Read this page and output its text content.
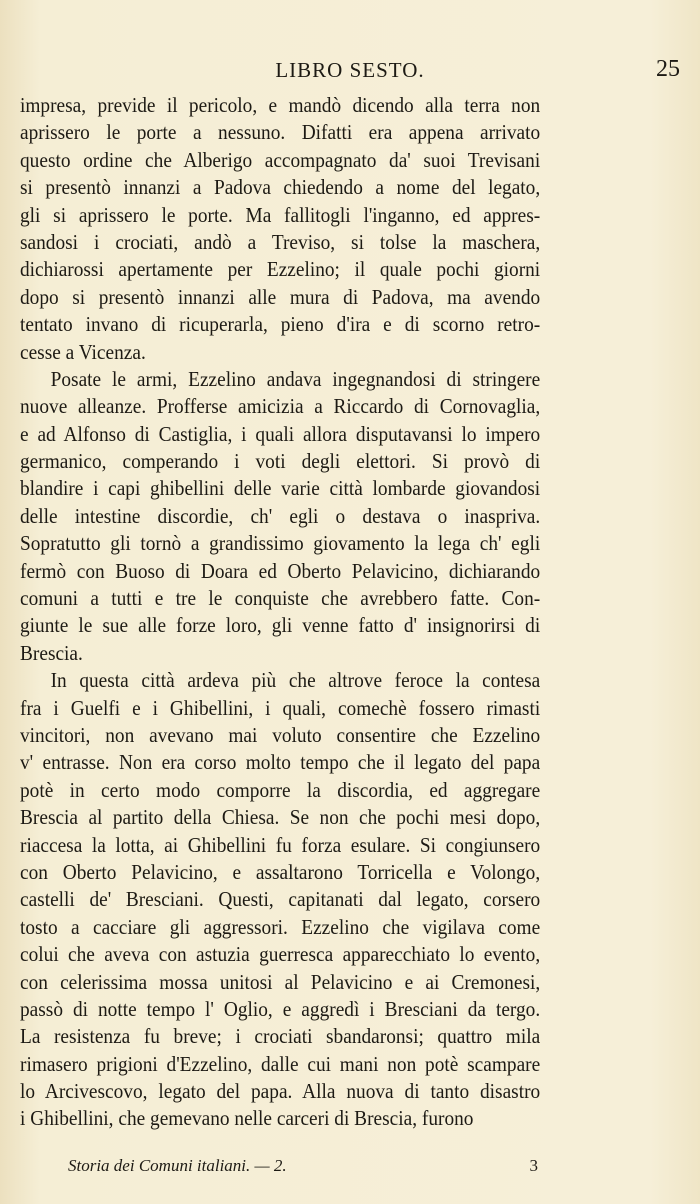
LIBRO SESTO.	25
impresa, previde il pericolo, e mandò dicendo alla terra non
aprissero le porte a nessuno. Difatti era appena arrivato
questo ordine che Alberigo accompagnato da' suoi Trevisani
si presentò innanzi a Padova chiedendo a nome del legato,
gli si aprissero le porte. Ma fallitogli l'inganno, ed appres-
sandosi i crociati, andò a Treviso, si tolse la maschera,
dichiarossi apertamente per Ezzelino; il quale pochi giorni
dopo si presentò innanzi alle mura di Padova, ma avendo
tentato invano di ricuperarla, pieno d'ira e di scorno retro-
cesse a Vicenza.
Posate le armi, Ezzelino andava ingegnandosi di stringere
nuove alleanze. Profferse amicizia a Riccardo di Cornovaglia,
e ad Alfonso di Castiglia, i quali allora disputavansi lo impero
germanico, comperando i voti degli elettori. Si provò di
blandire i capi ghibellini delle varie città lombarde giovandosi
delle intestine discordie, ch' egli o destava o inaspriva.
Sopratutto gli tornò a grandissimo giovamento la lega ch' egli
fermò con Buoso di Doara ed Oberto Pelavicino, dichiarando
comuni a tutti e tre le conquiste che avrebbero fatte. Con-
giunte le sue alle forze loro, gli venne fatto d' insignorirsi di
Brescia.
In questa città ardeva più che altrove feroce la contesa
fra i Guelfi e i Ghibellini, i quali, comechè fossero rimasti
vincitori, non avevano mai voluto consentire che Ezzelino
v' entrasse. Non era corso molto tempo che il legato del papa
potè in certo modo comporre la discordia, ed aggregare
Brescia al partito della Chiesa. Se non che pochi mesi dopo,
riaccesa la lotta, ai Ghibellini fu forza esulare. Si congiunsero
con Oberto Pelavicino, e assaltarono Torricella e Volongo,
castelli de' Bresciani. Questi, capitanati dal legato, corsero
tosto a cacciare gli aggressori. Ezzelino che vigilava come
colui che aveva con astuzia guerresca apparecchiato lo evento,
con celerissima mossa unitosi al Pelavicino e ai Cremonesi,
passò di notte tempo l' Oglio, e aggredì i Bresciani da tergo.
La resistenza fu breve; i crociati sbandaronsi; quattro mila
rimasero prigioni d'Ezzelino, dalle cui mani non potè scampare
lo Arcivescovo, legato del papa. Alla nuova di tanto disastro
i Ghibellini, che gemevano nelle carceri di Brescia, furono
Storia dei Comuni italiani. — 2.	3
